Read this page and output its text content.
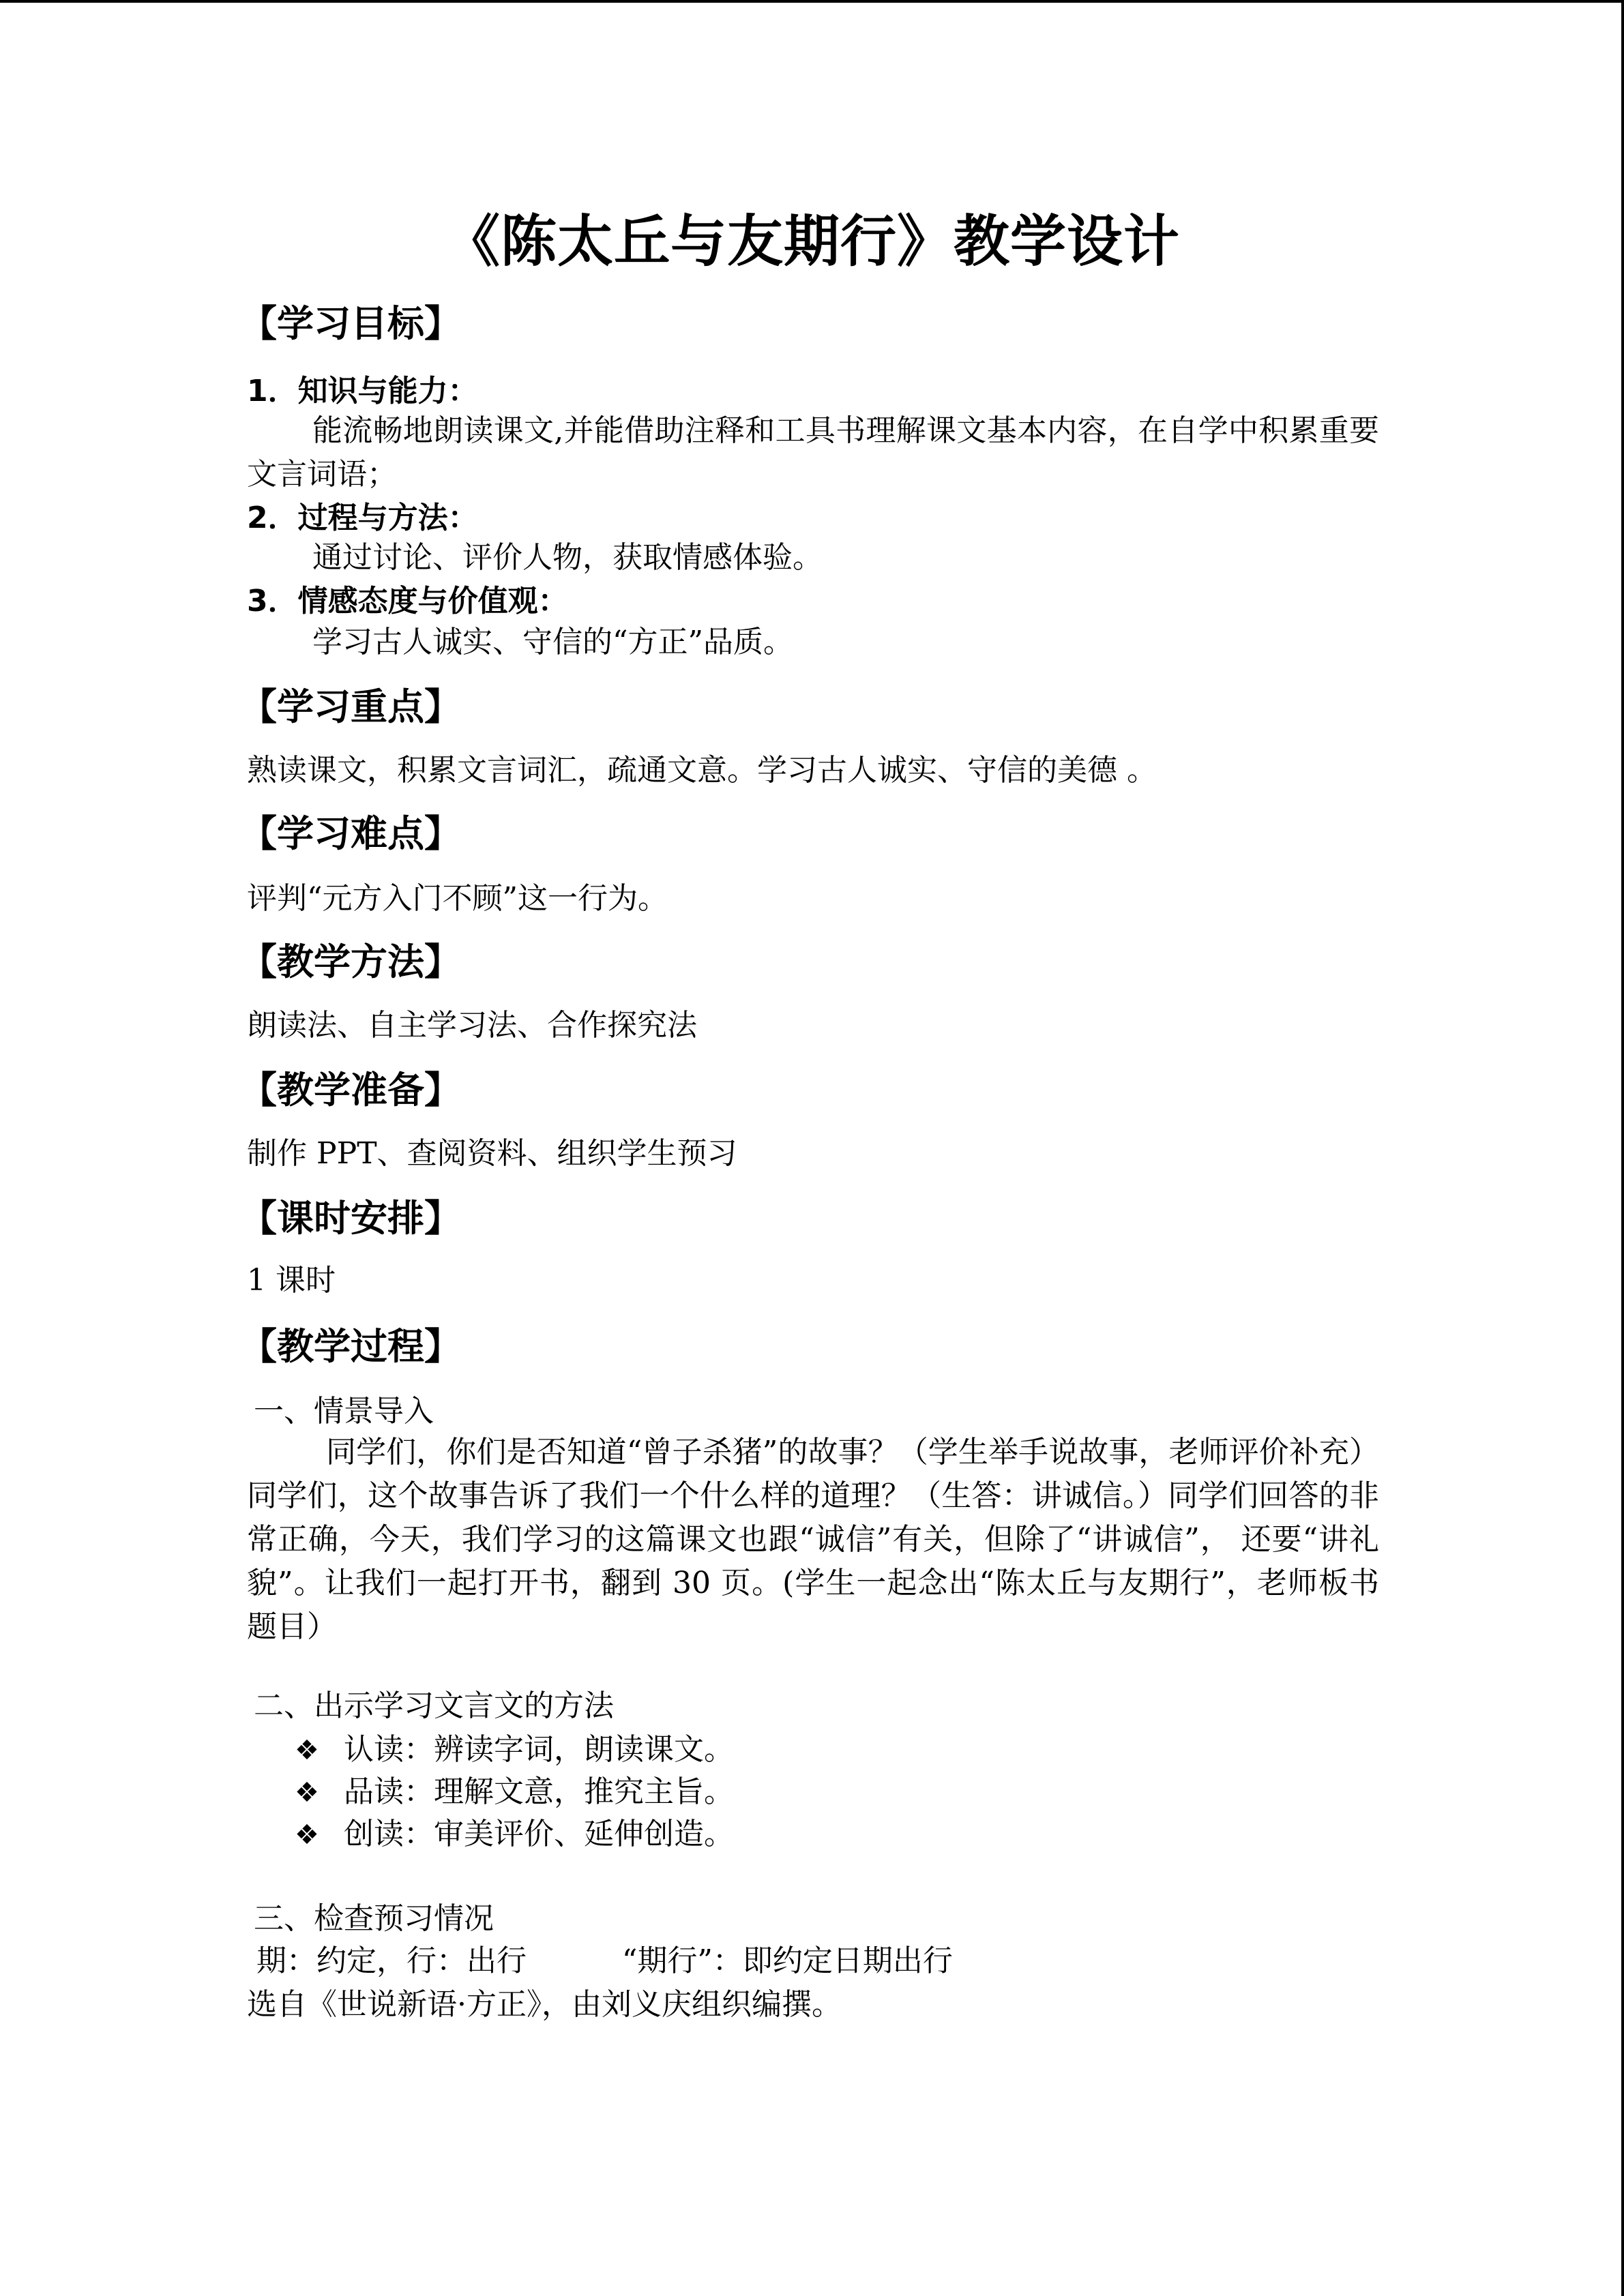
《陈太丘与友期行》教学设计
【学习目标】
1．知识与能力：
能流畅地朗读课文,并能借助注释和工具书理解课文基本内容，在自学中积累重要文言词语；
2．过程与方法：
通过讨论、评价人物，获取情感体验。
3．情感态度与价值观：
学习古人诚实、守信的“方正”品质。
【学习重点】
熟读课文，积累文言词汇，疏通文意。学习古人诚实、守信的美德 。
【学习难点】
评判“元方入门不顾”这一行为。
【教学方法】
朗读法、自主学习法、合作探究法
【教学准备】
制作 PPT、查阅资料、组织学生预习
【课时安排】
1 课时
【教学过程】
一、情景导入
同学们，你们是否知道“曾子杀猪”的故事？（学生举手说故事，老师评价补充）同学们，这个故事告诉了我们一个什么样的道理？（生答：讲诚信。）同学们回答的非常正确，今天，我们学习的这篇课文也跟“诚信”有关，但除了“讲诚信”， 还要“讲礼貌”。让我们一起打开书，翻到 30 页。(学生一起念出“陈太丘与友期行”，老师板书题目）
二、出示学习文言文的方法
❖ 认读：辨读字词，朗读课文。
❖ 品读：理解文意，推究主旨。
❖ 创读：审美评价、延伸创造。
三、检查预习情况
期：约定，行：出行          “期行”：即约定日期出行
选自《世说新语·方正》，由刘义庆组织编撰。
